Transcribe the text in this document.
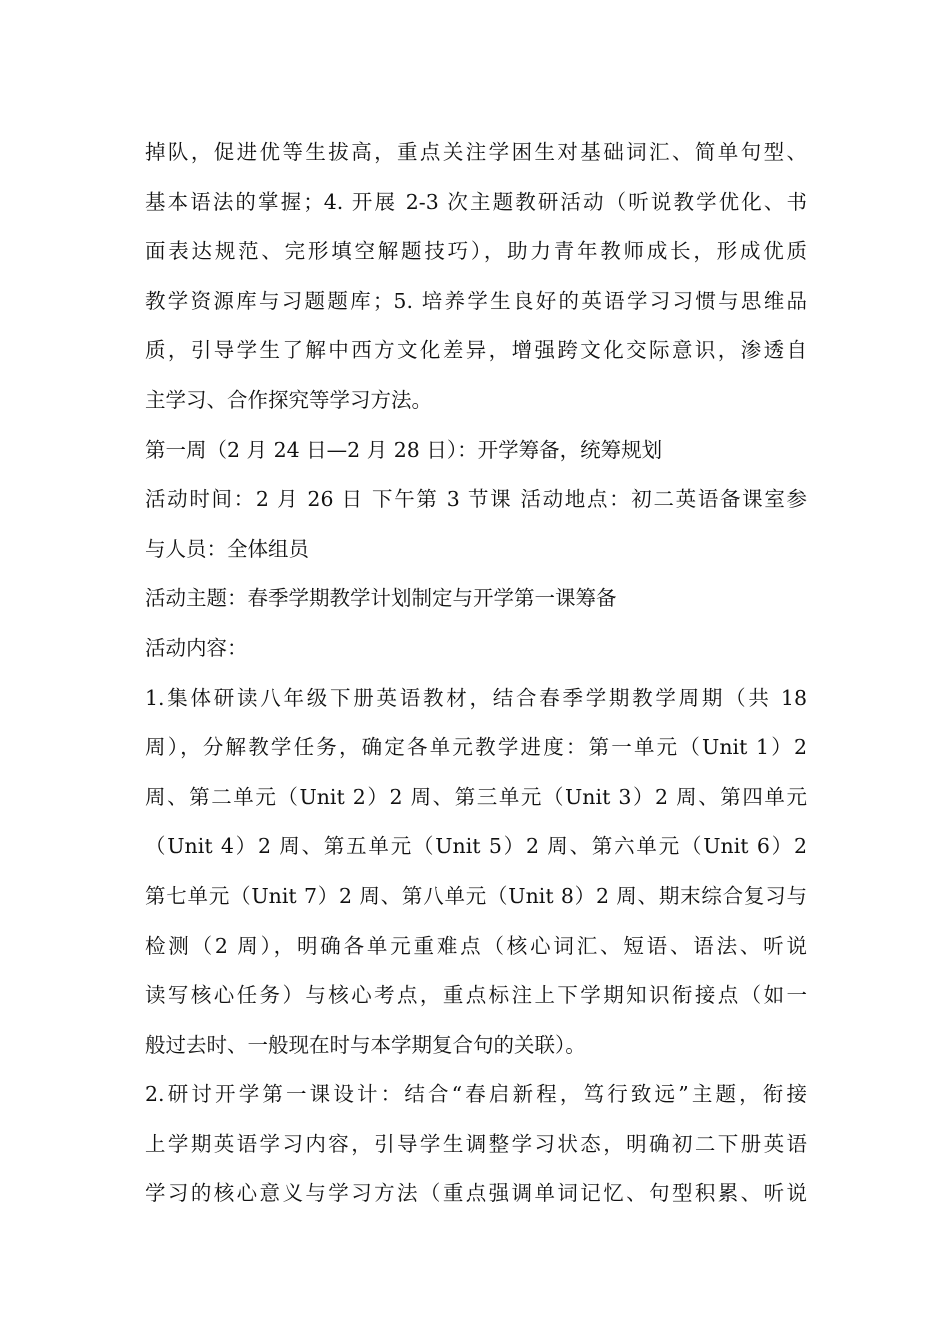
掉队，促进优等生拔高，重点关注学困生对基础词汇、简单句型、
基本语法的掌握；4. 开展 2-3 次主题教研活动（听说教学优化、书
面表达规范、完形填空解题技巧），助力青年教师成长，形成优质
教学资源库与习题题库；5. 培养学生良好的英语学习习惯与思维品
质，引导学生了解中西方文化差异，增强跨文化交际意识，渗透自
主学习、合作探究等学习方法。
第一周（2 月 24 日—2 月 28 日）：开学筹备，统筹规划
活动时间：2 月 26 日 下午第 3 节课 活动地点：初二英语备课室参
与人员：全体组员
活动主题：春季学期教学计划制定与开学第一课筹备
活动内容：
1.集体研读八年级下册英语教材，结合春季学期教学周期（共 18
周），分解教学任务，确定各单元教学进度：第一单元（Unit 1）2
周、第二单元（Unit 2）2 周、第三单元（Unit 3）2 周、第四单元
（Unit 4）2 周、第五单元（Unit 5）2 周、第六单元（Unit 6）2
第七单元（Unit 7）2 周、第八单元（Unit 8）2 周、期末综合复习与
检测（2 周），明确各单元重难点（核心词汇、短语、语法、听说
读写核心任务）与核心考点，重点标注上下学期知识衔接点（如一
般过去时、一般现在时与本学期复合句的关联）。
2.研讨开学第一课设计：结合“春启新程，笃行致远”主题，衔接
上学期英语学习内容，引导学生调整学习状态，明确初二下册英语
学习的核心意义与学习方法（重点强调单词记忆、句型积累、听说
